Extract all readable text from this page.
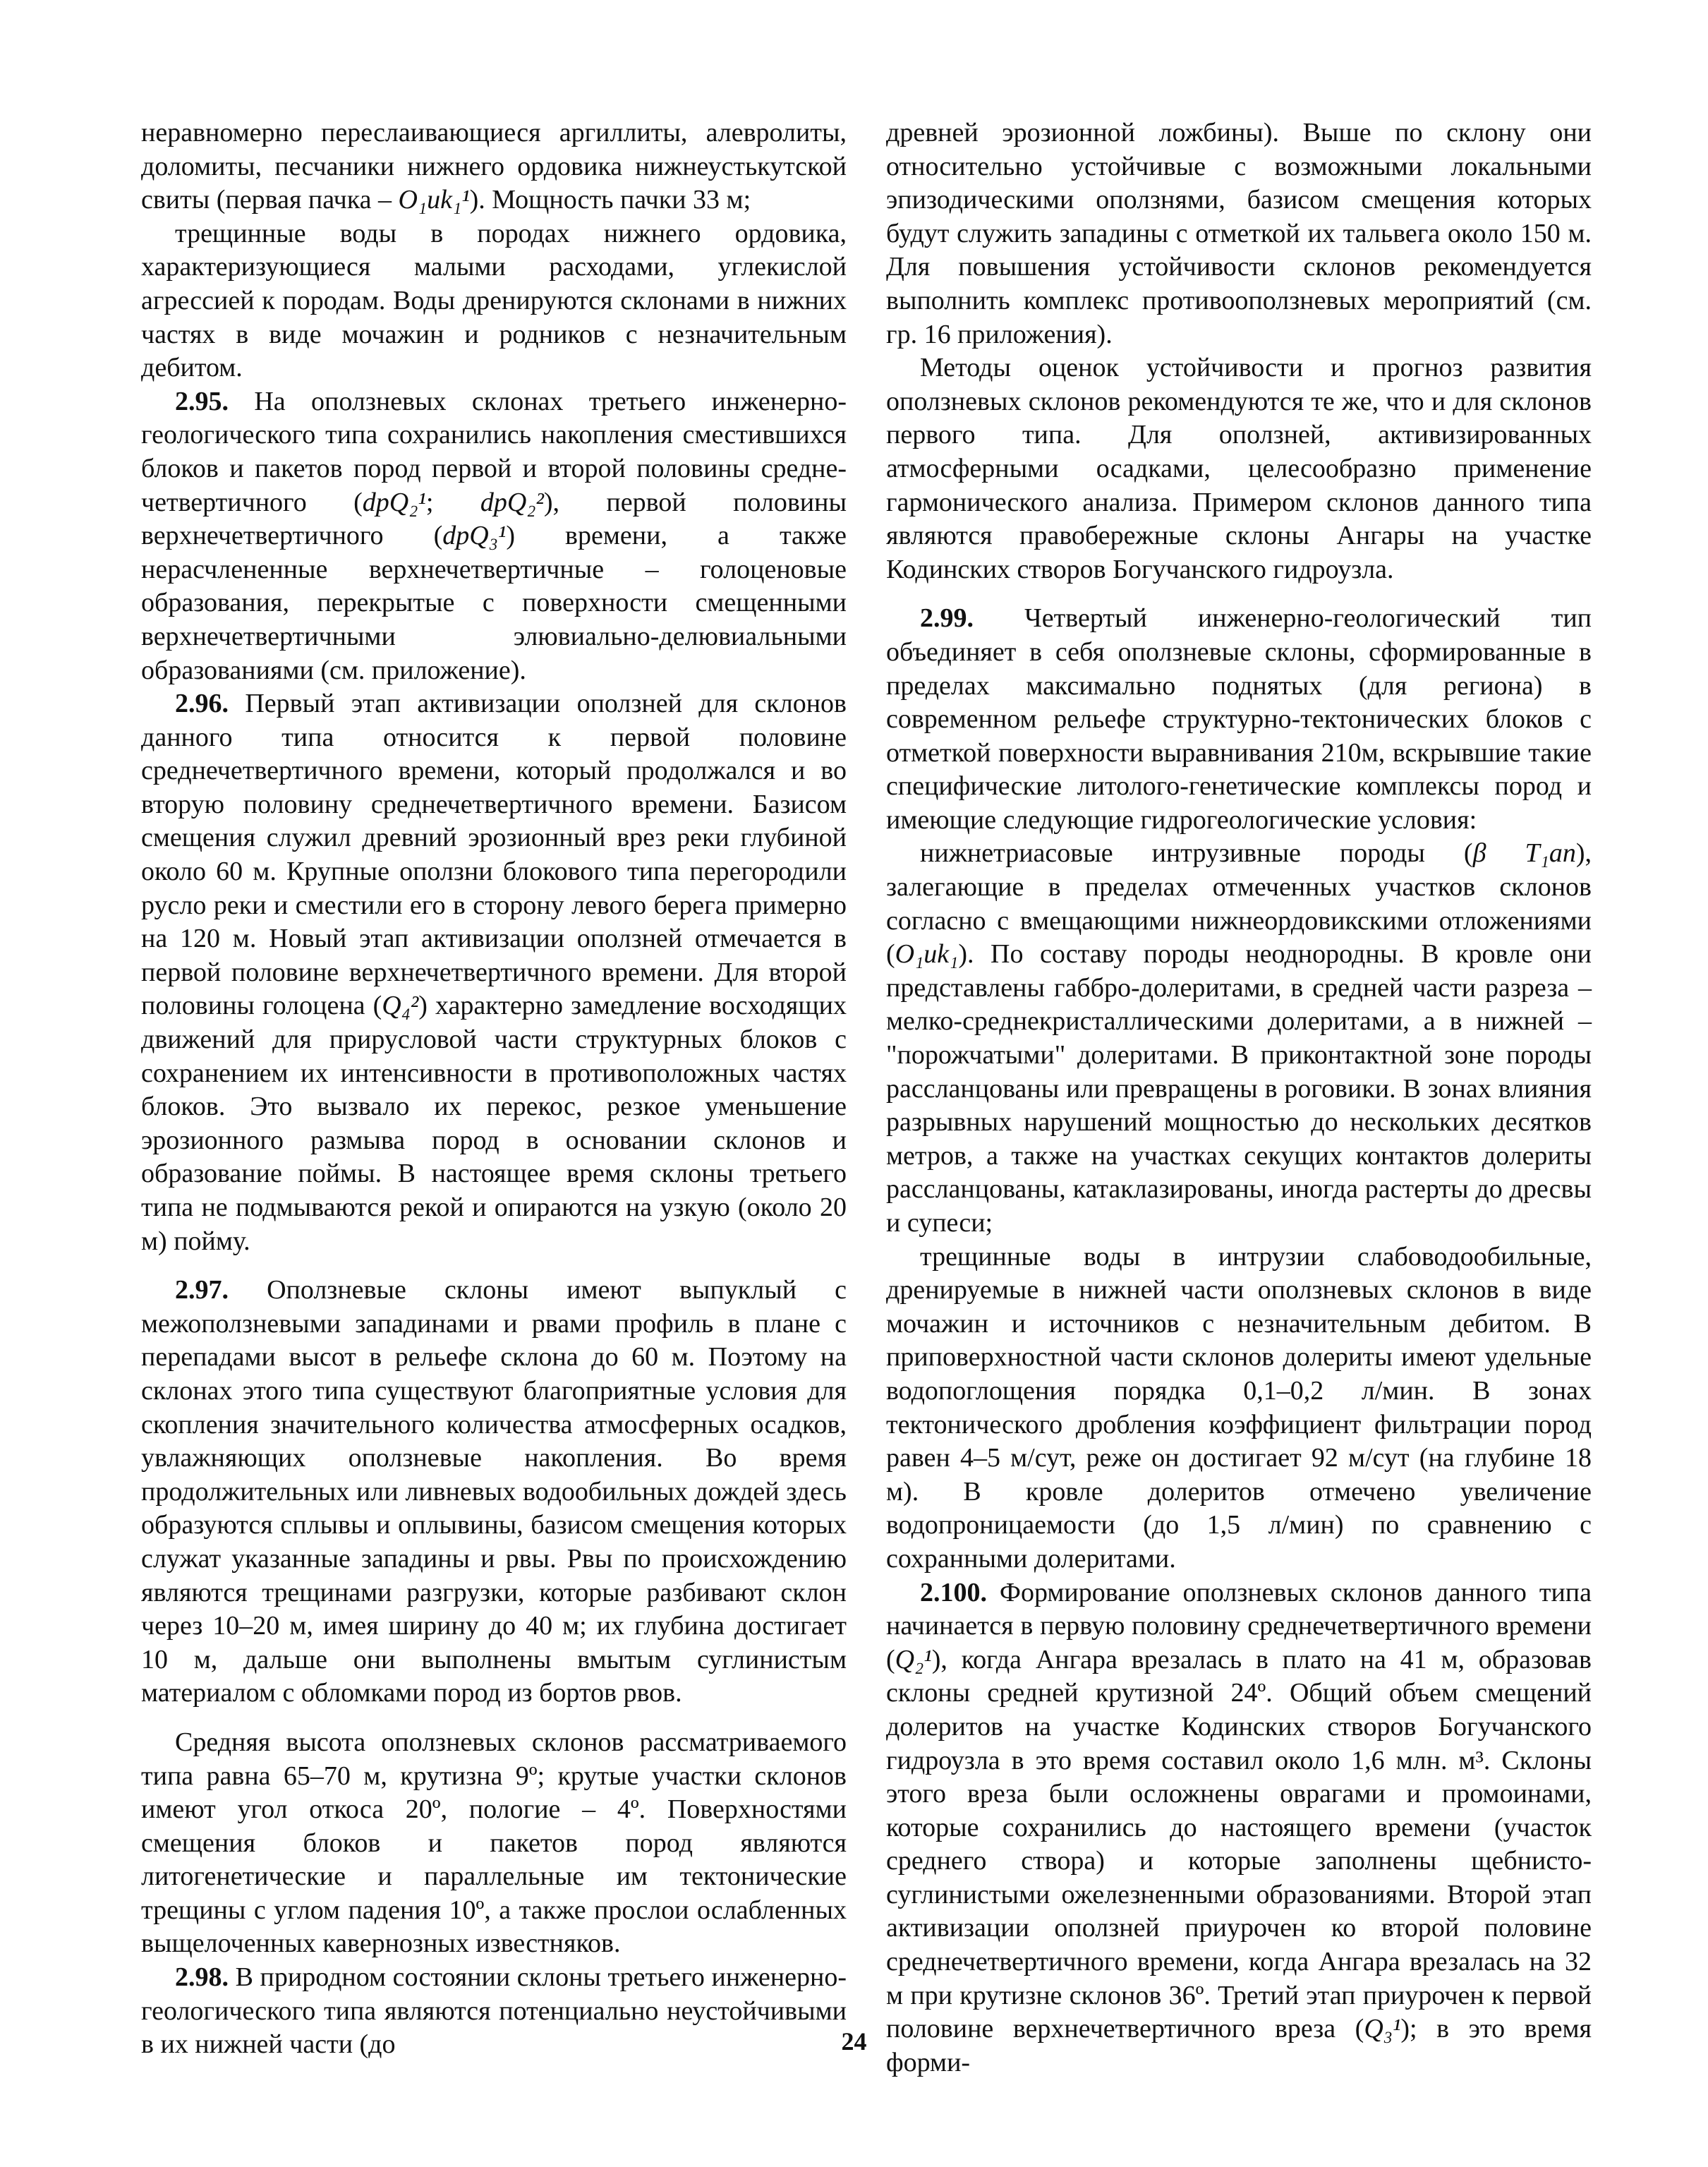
неравномерно переслаивающиеся аргиллиты, алевролиты, доломиты, песчаники нижнего ордовика нижнеустькутской свиты (первая пачка – O₁uk₁¹). Мощность пачки 33 м;

трещинные воды в породах нижнего ордовика, характеризующиеся малыми расходами, углекислой агрессией к породам. Воды дренируются склонами в нижних частях в виде мочажин и родников с незначительным дебитом.

2.95. На оползневых склонах третьего инженерно-геологического типа сохранились накопления сместившихся блоков и пакетов пород первой и второй половины среднечетвертичного (dpQ₂¹; dpQ₂²), первой половины верхнечетвертичного (dpQ₃¹) времени, а также нерасчлененные верхнечетвертичные – голоценовые образования, перекрытые с поверхности смещенными верхнечетвертичными элювиально-делювиальными образованиями (см. приложение).

2.96. Первый этап активизации оползней для склонов данного типа относится к первой половине среднечетвертичного времени, который продолжался и во вторую половину среднечетвертичного времени. Базисом смещения служил древний эрозионный врез реки глубиной около 60 м. Крупные оползни блокового типа перегородили русло реки и сместили его в сторону левого берега примерно на 120 м. Новый этап активизации оползней отмечается в первой половине верхнечетвертичного времени. Для второй половины голоцена (Q₄²) характерно замедление восходящих движений для прирусловой части структурных блоков с сохранением их интенсивности в противоположных частях блоков. Это вызвало их перекос, резкое уменьшение эрозионного размыва пород в основании склонов и образование поймы. В настоящее время склоны третьего типа не подмываются рекой и опираются на узкую (около 20 м) пойму.

2.97. Оползневые склоны имеют выпуклый с межоползневыми западинами и рвами профиль в плане с перепадами высот в рельефе склона до 60 м. Поэтому на склонах этого типа существуют благоприятные условия для скопления значительного количества атмосферных осадков, увлажняющих оползневые накопления. Во время продолжительных или ливневых водообильных дождей здесь образуются сплывы и оплывины, базисом смещения которых служат указанные западины и рвы. Рвы по происхождению являются трещинами разгрузки, которые разбивают склон через 10–20 м, имея ширину до 40 м; их глубина достигает 10 м, дальше они выполнены вмытым суглинистым материалом с обломками пород из бортов рвов.

Средняя высота оползневых склонов рассматриваемого типа равна 65–70 м, крутизна 9º; крутые участки склонов имеют угол откоса 20º, пологие – 4º. Поверхностями смещения блоков и пакетов пород являются литогенетические и параллельные им тектонические трещины с углом падения 10º, а также прослои ослабленных выщелоченных кавернозных известняков.

2.98. В природном состоянии склоны третьего инженерно-геологического типа являются потенциально неустойчивыми в их нижней части (до

древней эрозионной ложбины). Выше по склону они относительно устойчивые с возможными локальными эпизодическими оползнями, базисом смещения которых будут служить западины с отметкой их тальвега около 150 м. Для повышения устойчивости склонов рекомендуется выполнить комплекс противооползневых мероприятий (см. гр. 16 приложения).

Методы оценок устойчивости и прогноз развития оползневых склонов рекомендуются те же, что и для склонов первого типа. Для оползней, активизированных атмосферными осадками, целесообразно применение гармонического анализа. Примером склонов данного типа являются правобережные склоны Ангары на участке Кодинских створов Богучанского гидроузла.

2.99. Четвертый инженерно-геологический тип объединяет в себя оползневые склоны, сформированные в пределах максимально поднятых (для региона) в современном рельефе структурно-тектонических блоков с отметкой поверхности выравнивания 210м, вскрывшие такие специфические литолого-генетические комплексы пород и имеющие следующие гидрогеологические условия:

нижнетриасовые интрузивные породы (β T₁an), залегающие в пределах отмеченных участков склонов согласно с вмещающими нижнеордовикскими отложениями (O₁uk₁). По составу породы неоднородны. В кровле они представлены габбро-долеритами, в средней части разреза – мелко-среднекристаллическими долеритами, а в нижней – "порожчатыми" долеритами. В приконтактной зоне породы рассланцованы или превращены в роговики. В зонах влияния разрывных нарушений мощностью до нескольких десятков метров, а также на участках секущих контактов долериты рассланцованы, катаклазированы, иногда растерты до дресвы и супеси;

трещинные воды в интрузии слабоводообильные, дренируемые в нижней части оползневых склонов в виде мочажин и источников с незначительным дебитом. В приповерхностной части склонов долериты имеют удельные водопоглощения порядка 0,1–0,2 л/мин. В зонах тектонического дробления коэффициент фильтрации пород равен 4–5 м/сут, реже он достигает 92 м/сут (на глубине 18 м). В кровле долеритов отмечено увеличение водопроницаемости (до 1,5 л/мин) по сравнению с сохранными долеритами.

2.100. Формирование оползневых склонов данного типа начинается в первую половину среднечетвертичного времени (Q₂¹), когда Ангара врезалась в плато на 41 м, образовав склоны средней крутизной 24º. Общий объем смещений долеритов на участке Кодинских створов Богучанского гидроузла в это время составил около 1,6 млн. м³. Склоны этого вреза были осложнены оврагами и промоинами, которые сохранились до настоящего времени (участок среднего створа) и которые заполнены щебнисто-суглинистыми ожелезненными образованиями. Второй этап активизации оползней приурочен ко второй половине среднечетвертичного времени, когда Ангара врезалась на 32 м при крутизне склонов 36º. Третий этап приурочен к первой половине верхнечетвертичного вреза (Q₃¹); в это время форми-

24
